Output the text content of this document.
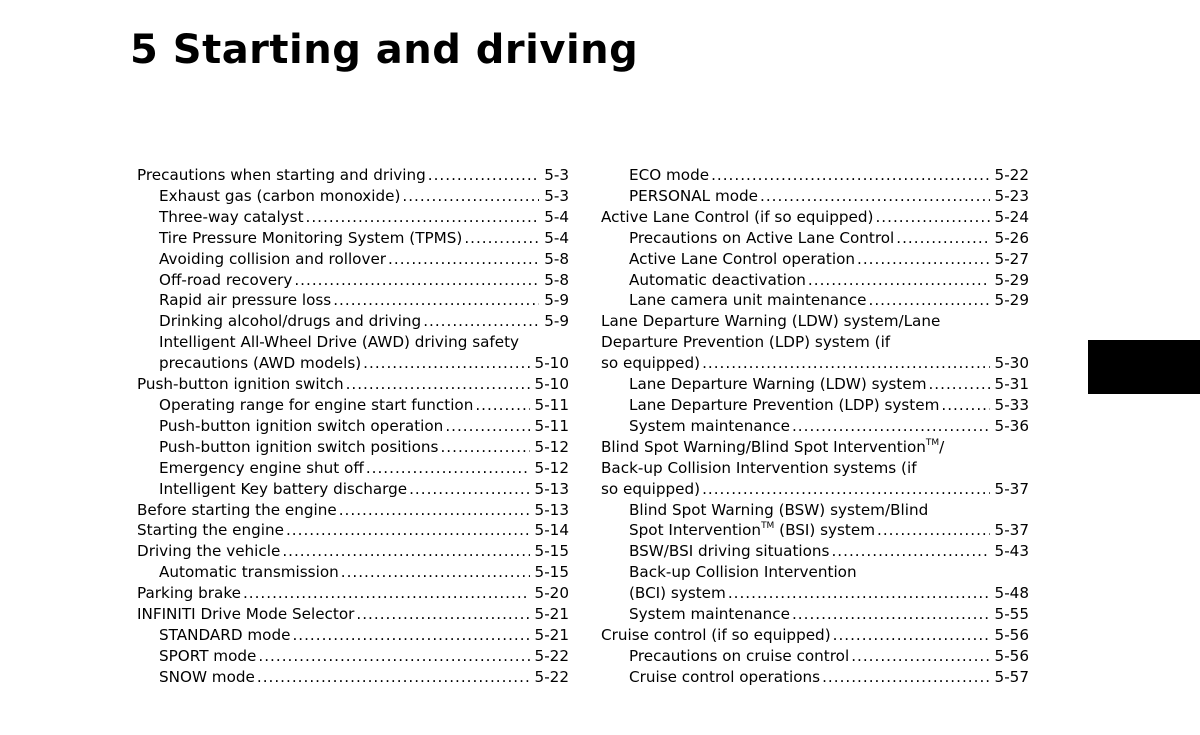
5 Starting and driving
Precautions when starting and driving .....	5-3
Exhaust gas (carbon monoxide) .....	5-3
Three-way catalyst .....	5-4
Tire Pressure Monitoring System (TPMS) .....	5-4
Avoiding collision and rollover .....	5-8
Off-road recovery .....	5-8
Rapid air pressure loss .....	5-9
Drinking alcohol/drugs and driving .....	5-9
Intelligent All-Wheel Drive (AWD) driving safety
precautions (AWD models) .....	5-10
Push-button ignition switch .....	5-10
Operating range for engine start function .....	5-11
Push-button ignition switch operation .....	5-11
Push-button ignition switch positions .....	5-12
Emergency engine shut off .....	5-12
Intelligent Key battery discharge .....	5-13
Before starting the engine .....	5-13
Starting the engine .....	5-14
Driving the vehicle .....	5-15
Automatic transmission .....	5-15
Parking brake .....	5-20
INFINITI Drive Mode Selector .....	5-21
STANDARD mode .....	5-21
SPORT mode .....	5-22
SNOW mode .....	5-22
ECO mode .....	5-22
PERSONAL mode .....	5-23
Active Lane Control (if so equipped) .....	5-24
Precautions on Active Lane Control .....	5-26
Active Lane Control operation .....	5-27
Automatic deactivation .....	5-29
Lane camera unit maintenance .....	5-29
Lane Departure Warning (LDW) system/Lane
Departure Prevention (LDP) system (if
so equipped) .....	5-30
Lane Departure Warning (LDW) system .....	5-31
Lane Departure Prevention (LDP) system .....	5-33
System maintenance .....	5-36
Blind Spot Warning/Blind Spot Intervention™/
Back-up Collision Intervention systems (if
so equipped) .....	5-37
Blind Spot Warning (BSW) system/Blind
Spot Intervention™ (BSI) system .....	5-37
BSW/BSI driving situations .....	5-43
Back-up Collision Intervention
(BCI) system .....	5-48
System maintenance .....	5-55
Cruise control (if so equipped) .....	5-56
Precautions on cruise control .....	5-56
Cruise control operations .....	5-57
